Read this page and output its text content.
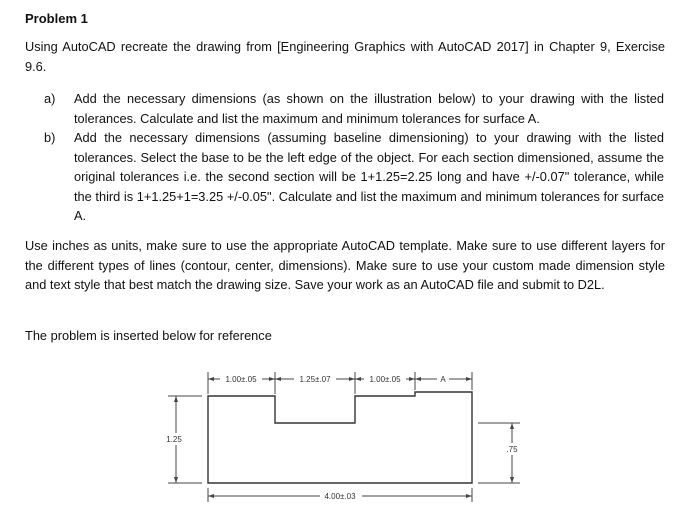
Problem 1

Using AutoCAD recreate the drawing from [Engineering Graphics with AutoCAD 2017] in Chapter 9, Exercise 9.6.

a) Add the necessary dimensions (as shown on the illustration below) to your drawing with the listed tolerances. Calculate and list the maximum and minimum tolerances for surface A.
b) Add the necessary dimensions (assuming baseline dimensioning) to your drawing with the listed tolerances. Select the base to be the left edge of the object. For each section dimensioned, assume the original tolerances i.e. the second section will be 1+1.25=2.25 long and have +/-0.07" tolerance, while the third is 1+1.25+1=3.25 +/-0.05". Calculate and list the maximum and minimum tolerances for surface A.

Use inches as units, make sure to use the appropriate AutoCAD template. Make sure to use different layers for the different types of lines (contour, center, dimensions). Make sure to use your custom made dimension style and text style that best match the drawing size. Save your work as an AutoCAD file and submit to D2L.

The problem is inserted below for reference

1.00±.05	1.25±.07	1.00±.05	A
1.25
.75
4.00±.03
